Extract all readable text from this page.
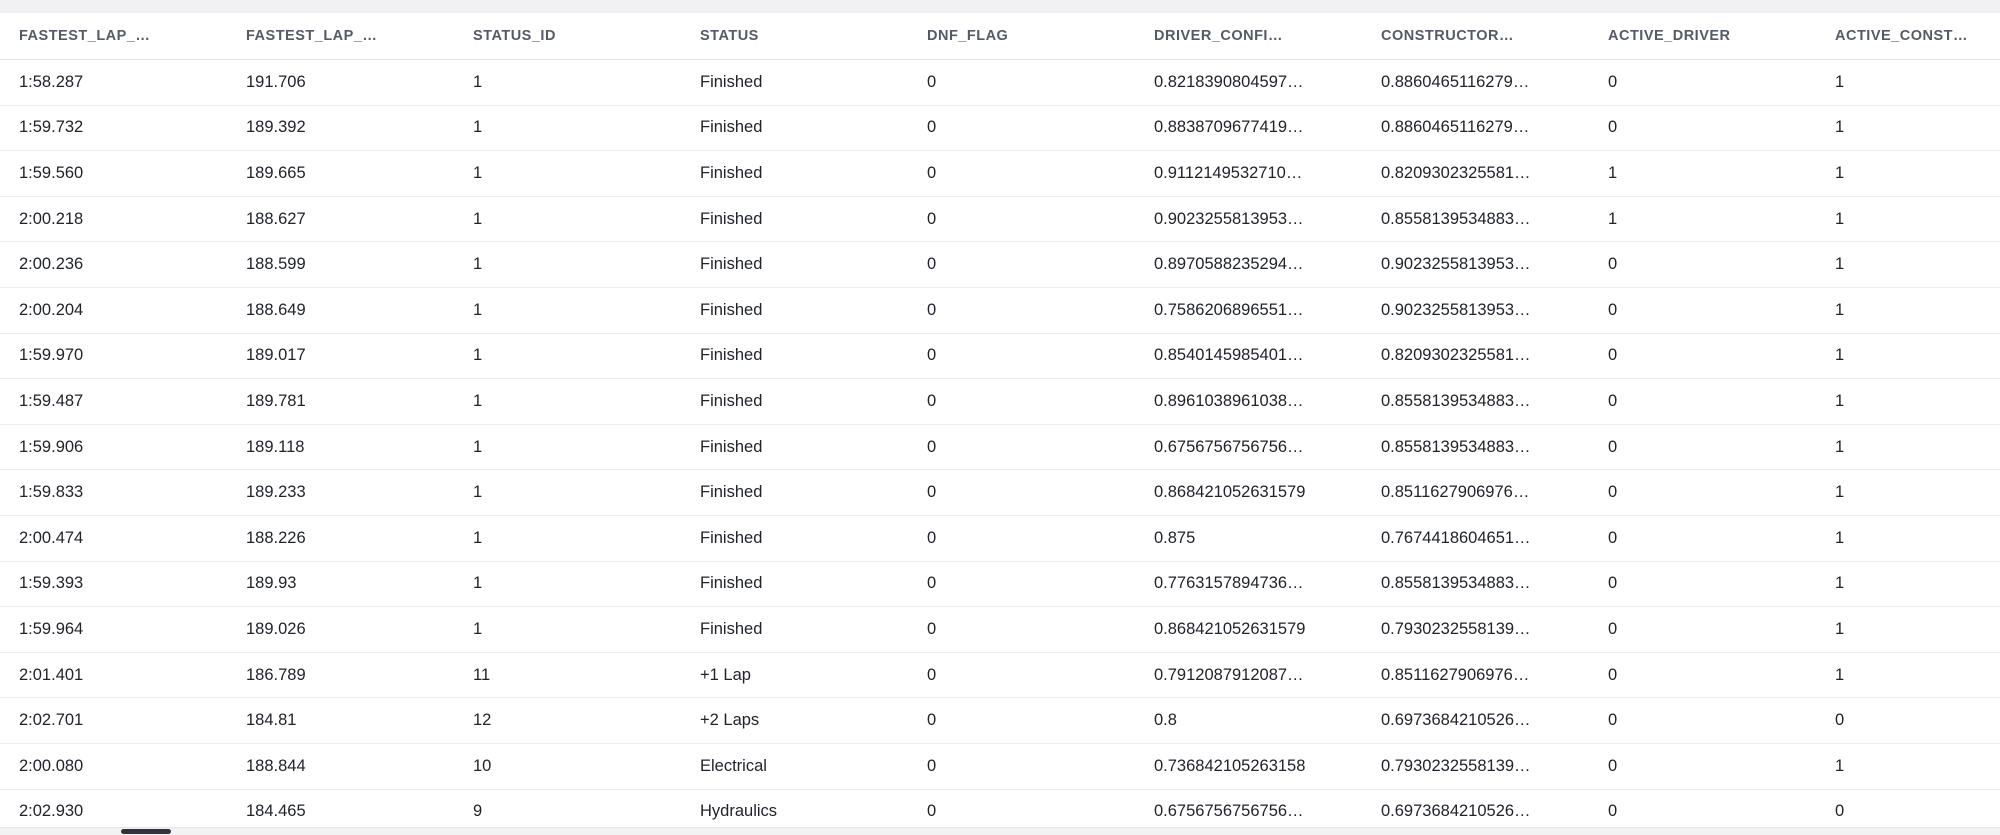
FASTEST_LAP_…	FASTEST_LAP_…	STATUS_ID	STATUS	DNF_FLAG	DRIVER_CONFI…	CONSTRUCTOR…	ACTIVE_DRIVER	ACTIVE_CONST…
1:58.287	191.706	1	Finished	0	0.8218390804597…	0.8860465116279…	0	1
1:59.732	189.392	1	Finished	0	0.8838709677419…	0.8860465116279…	0	1
1:59.560	189.665	1	Finished	0	0.9112149532710…	0.8209302325581…	1	1
2:00.218	188.627	1	Finished	0	0.9023255813953…	0.8558139534883…	1	1
2:00.236	188.599	1	Finished	0	0.8970588235294…	0.9023255813953…	0	1
2:00.204	188.649	1	Finished	0	0.7586206896551…	0.9023255813953…	0	1
1:59.970	189.017	1	Finished	0	0.8540145985401…	0.8209302325581…	0	1
1:59.487	189.781	1	Finished	0	0.8961038961038…	0.8558139534883…	0	1
1:59.906	189.118	1	Finished	0	0.6756756756756…	0.8558139534883…	0	1
1:59.833	189.233	1	Finished	0	0.868421052631579	0.8511627906976…	0	1
2:00.474	188.226	1	Finished	0	0.875	0.7674418604651…	0	1
1:59.393	189.93	1	Finished	0	0.7763157894736…	0.8558139534883…	0	1
1:59.964	189.026	1	Finished	0	0.868421052631579	0.7930232558139…	0	1
2:01.401	186.789	11	+1 Lap	0	0.7912087912087…	0.8511627906976…	0	1
2:02.701	184.81	12	+2 Laps	0	0.8	0.6973684210526…	0	0
2:00.080	188.844	10	Electrical	0	0.736842105263158	0.7930232558139…	0	1
2:02.930	184.465	9	Hydraulics	0	0.6756756756756…	0.6973684210526…	0	0
